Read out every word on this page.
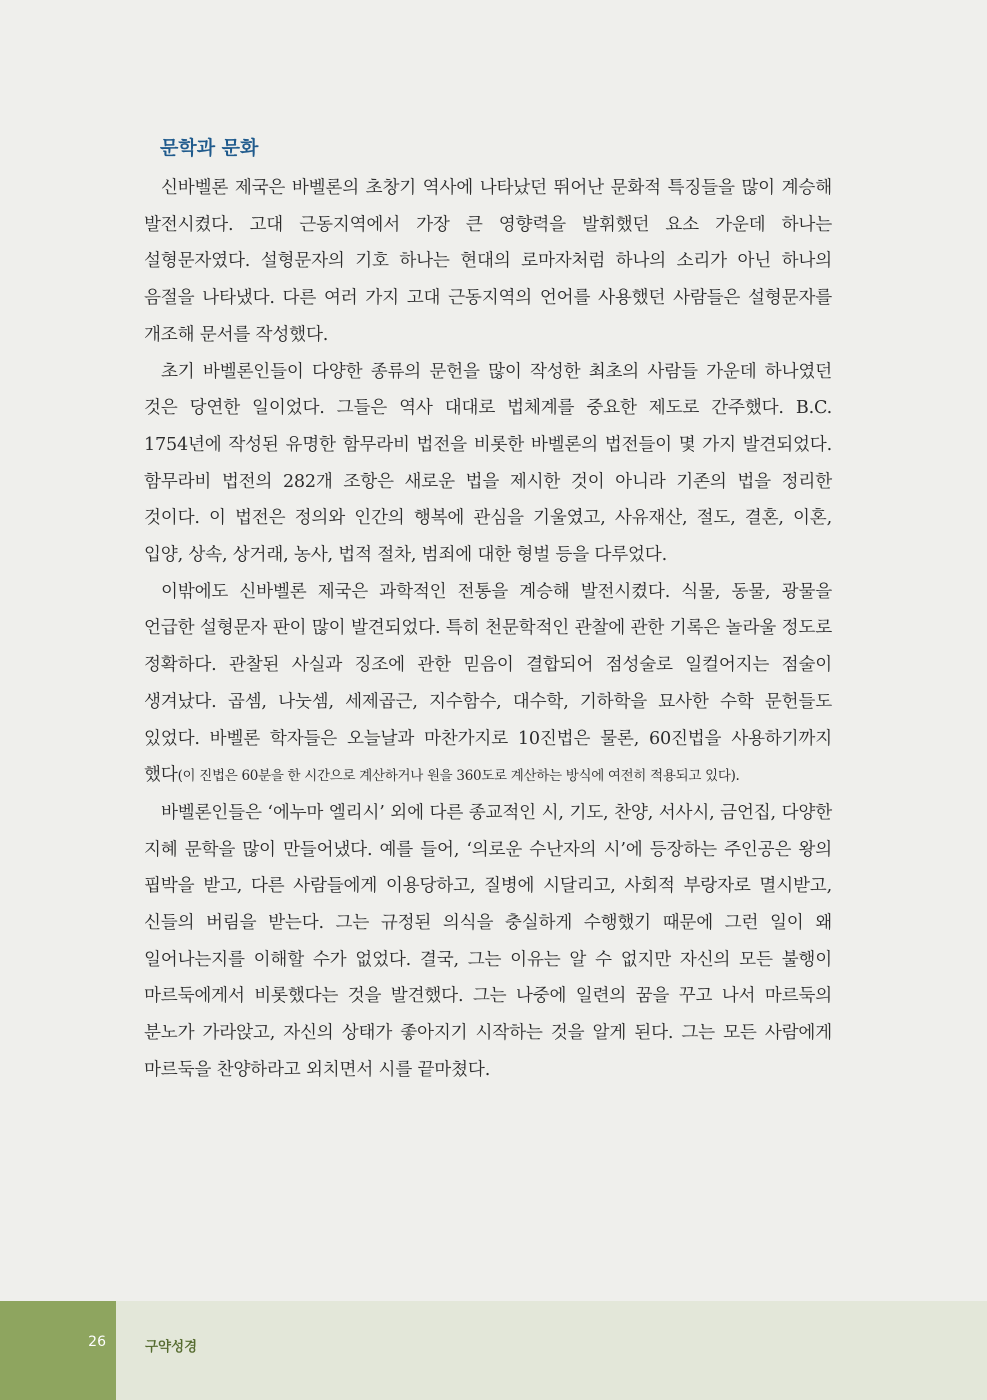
문학과 문화

신바벨론 제국은 바벨론의 초창기 역사에 나타났던 뛰어난 문화적 특징들을 많이 계승해 발전시켰다. 고대 근동지역에서 가장 큰 영향력을 발휘했던 요소 가운데 하나는 설형문자였다. 설형문자의 기호 하나는 현대의 로마자처럼 하나의 소리가 아닌 하나의 음절을 나타냈다. 다른 여러 가지 고대 근동지역의 언어를 사용했던 사람들은 설형문자를 개조해 문서를 작성했다.

초기 바벨론인들이 다양한 종류의 문헌을 많이 작성한 최초의 사람들 가운데 하나였던 것은 당연한 일이었다. 그들은 역사 대대로 법체계를 중요한 제도로 간주했다. B.C. 1754년에 작성된 유명한 함무라비 법전을 비롯한 바벨론의 법전들이 몇 가지 발견되었다. 함무라비 법전의 282개 조항은 새로운 법을 제시한 것이 아니라 기존의 법을 정리한 것이다. 이 법전은 정의와 인간의 행복에 관심을 기울였고, 사유재산, 절도, 결혼, 이혼, 입양, 상속, 상거래, 농사, 법적 절차, 범죄에 대한 형벌 등을 다루었다.

이밖에도 신바벨론 제국은 과학적인 전통을 계승해 발전시켰다. 식물, 동물, 광물을 언급한 설형문자 판이 많이 발견되었다. 특히 천문학적인 관찰에 관한 기록은 놀라울 정도로 정확하다. 관찰된 사실과 징조에 관한 믿음이 결합되어 점성술로 일컬어지는 점술이 생겨났다. 곱셈, 나눗셈, 세제곱근, 지수함수, 대수학, 기하학을 묘사한 수학 문헌들도 있었다. 바벨론 학자들은 오늘날과 마찬가지로 10진법은 물론, 60진법을 사용하기까지 했다(이 진법은 60분을 한 시간으로 계산하거나 원을 360도로 계산하는 방식에 여전히 적용되고 있다).

바벨론인들은 ‘에누마 엘리시’ 외에 다른 종교적인 시, 기도, 찬양, 서사시, 금언집, 다양한 지혜 문학을 많이 만들어냈다. 예를 들어, ‘의로운 수난자의 시’에 등장하는 주인공은 왕의 핍박을 받고, 다른 사람들에게 이용당하고, 질병에 시달리고, 사회적 부랑자로 멸시받고, 신들의 버림을 받는다. 그는 규정된 의식을 충실하게 수행했기 때문에 그런 일이 왜 일어나는지를 이해할 수가 없었다. 결국, 그는 이유는 알 수 없지만 자신의 모든 불행이 마르둑에게서 비롯했다는 것을 발견했다. 그는 나중에 일련의 꿈을 꾸고 나서 마르둑의 분노가 가라앉고, 자신의 상태가 좋아지기 시작하는 것을 알게 된다. 그는 모든 사람에게 마르둑을 찬양하라고 외치면서 시를 끝마쳤다.

26	구약성경
